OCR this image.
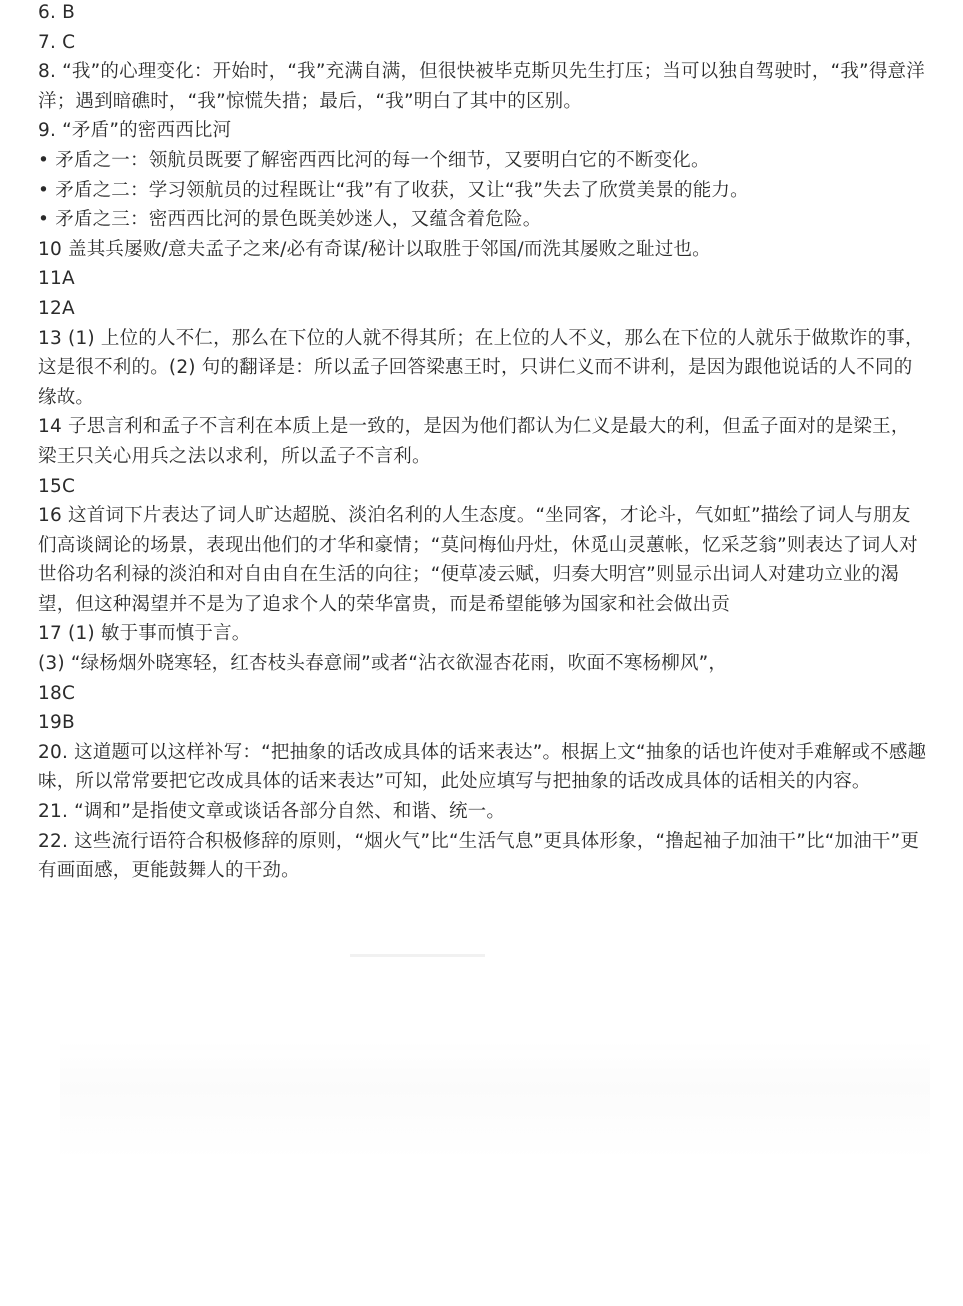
6. B
7. C
8. “我”的心理变化：开始时，“我”充满自满，但很快被毕克斯贝先生打压；当可以独自驾驶时，“我”得意洋洋；遇到暗礁时，“我”惊慌失措；最后，“我”明白了其中的区别。
9. “矛盾”的密西西比河
• 矛盾之一：领航员既要了解密西西比河的每一个细节，又要明白它的不断变化。
• 矛盾之二：学习领航员的过程既让“我”有了收获，又让“我”失去了欣赏美景的能力。
• 矛盾之三：密西西比河的景色既美妙迷人，又蕴含着危险。
10 盖其兵屡败/意夫孟子之来/必有奇谋/秘计以取胜于邻国/而洗其屡败之耻过也。
11A
12A
13 (1) 上位的人不仁，那么在下位的人就不得其所；在上位的人不义，那么在下位的人就乐于做欺诈的事，这是很不利的。(2) 句的翻译是：所以孟子回答梁惠王时，只讲仁义而不讲利，是因为跟他说话的人不同的缘故。
14 子思言利和孟子不言利在本质上是一致的，是因为他们都认为仁义是最大的利，但孟子面对的是梁王，梁王只关心用兵之法以求利，所以孟子不言利。
15C
16 这首词下片表达了词人旷达超脱、淡泊名利的人生态度。“坐同客，才论斗，气如虹”描绘了词人与朋友们高谈阔论的场景，表现出他们的才华和豪情；“莫问梅仙丹灶，休觅山灵蕙帐，忆采芝翁”则表达了词人对世俗功名利禄的淡泊和对自由自在生活的向往；“便草凌云赋，归奏大明宫”则显示出词人对建功立业的渴望，但这种渴望并不是为了追求个人的荣华富贵，而是希望能够为国家和社会做出贡
17 (1) 敏于事而慎于言。
(3) “绿杨烟外晓寒轻，红杏枝头春意闹”或者“沾衣欲湿杏花雨，吹面不寒杨柳风”，
18C
19B
20. 这道题可以这样补写：“把抽象的话改成具体的话来表达”。根据上文“抽象的话也许使对手难解或不感趣味，所以常常要把它改成具体的话来表达”可知，此处应填写与把抽象的话改成具体的话相关的内容。
21. “调和”是指使文章或谈话各部分自然、和谐、统一。
22. 这些流行语符合积极修辞的原则，“烟火气”比“生活气息”更具体形象，“撸起袖子加油干”比“加油干”更有画面感，更能鼓舞人的干劲。
